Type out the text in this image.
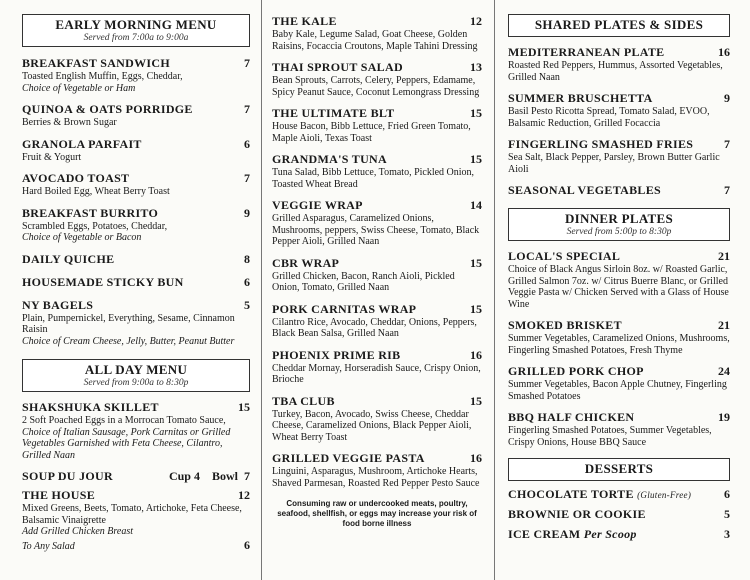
EARLY MORNING MENU
Served from 7:00a to 9:00a
BREAKFAST SANDWICH	7
Toasted English Muffin, Eggs, Cheddar,
Choice of Vegetable or Ham
QUINOA & OATS PORRIDGE	7
Berries & Brown Sugar
GRANOLA PARFAIT	6
Fruit & Yogurt
AVOCADO TOAST	7
Hard Boiled Egg, Wheat Berry Toast
BREAKFAST BURRITO	9
Scrambled Eggs, Potatoes, Cheddar,
Choice of Vegetable or Bacon
DAILY QUICHE	8
HOUSEMADE STICKY BUN	6
NY BAGELS	5
Plain, Pumpernickel, Everything, Sesame, Cinnamon Raisin
Choice of Cream Cheese, Jelly, Butter, Peanut Butter
ALL DAY MENU
Served from 9:00a to 8:30p
SHAKSHUKA SKILLET	15
2 Soft Poached Eggs in a Morrocan Tomato Sauce,
Choice of Italian Sausage, Pork Carnitas or Grilled Vegetables Garnished with Feta Cheese, Cilantro, Grilled Naan
SOUP DU JOUR	Cup 4 Bowl 7
THE HOUSE	12
Mixed Greens, Beets, Tomato, Artichoke, Feta Cheese, Balsamic Vinaigrette
Add Grilled Chicken Breast
To Any Salad	6
THE KALE	12
Baby Kale, Legume Salad, Goat Cheese, Golden Raisins, Focaccia Croutons, Maple Tahini Dressing
THAI SPROUT SALAD	13
Bean Sprouts, Carrots, Celery, Peppers, Edamame, Spicy Peanut Sauce, Coconut Lemongrass Dressing
THE ULTIMATE BLT	15
House Bacon, Bibb Lettuce, Fried Green Tomato, Maple Aioli, Texas Toast
GRANDMA'S TUNA	15
Tuna Salad, Bibb Lettuce, Tomato, Pickled Onion, Toasted Wheat Bread
VEGGIE WRAP	14
Grilled Asparagus, Caramelized Onions, Mushrooms, peppers, Swiss Cheese, Tomato, Black Pepper Aioli, Grilled Naan
CBR WRAP	15
Grilled Chicken, Bacon, Ranch Aioli, Pickled Onion, Tomato, Grilled Naan
PORK CARNITAS WRAP	15
Cilantro Rice, Avocado, Cheddar, Onions, Peppers, Black Bean Salsa, Grilled Naan
PHOENIX PRIME RIB	16
Cheddar Mornay, Horseradish Sauce, Crispy Onion, Brioche
TBA CLUB	15
Turkey, Bacon, Avocado, Swiss Cheese, Cheddar Cheese, Caramelized Onions, Black Pepper Aioli, Wheat Berry Toast
GRILLED VEGGIE PASTA	16
Linguini, Asparagus, Mushroom, Artichoke Hearts, Shaved Parmesan, Roasted Red Pepper Pesto Sauce
Consuming raw or undercooked meats, poultry, seafood, shellfish, or eggs may increase your risk of food borne illness
SHARED PLATES & SIDES
MEDITERRANEAN PLATE	16
Roasted Red Peppers, Hummus, Assorted Vegetables, Grilled Naan
SUMMER BRUSCHETTA	9
Basil Pesto Ricotta Spread, Tomato Salad, EVOO, Balsamic Reduction, Grilled Focaccia
FINGERLING SMASHED FRIES	7
Sea Salt, Black Pepper, Parsley, Brown Butter Garlic Aioli
SEASONAL VEGETABLES	7
DINNER PLATES
Served from 5:00p to 8:30p
LOCAL'S SPECIAL	21
Choice of Black Angus Sirloin 8oz. w/ Roasted Garlic, Grilled Salmon 7oz. w/ Citrus Buerre Blanc, or Grilled Veggie Pasta w/ Chicken Served with a Glass of House Wine
SMOKED BRISKET	21
Summer Vegetables, Caramelized Onions, Mushrooms, Fingerling Smashed Potatoes, Fresh Thyme
GRILLED PORK CHOP	24
Summer Vegetables, Bacon Apple Chutney, Fingerling Smashed Potatoes
BBQ HALF CHICKEN	19
Fingerling Smashed Potatoes, Summer Vegetables, Crispy Onions, House BBQ Sauce
DESSERTS
CHOCOLATE TORTE (Gluten-Free)	6
BROWNIE OR COOKIE	5
ICE CREAM Per Scoop	3
